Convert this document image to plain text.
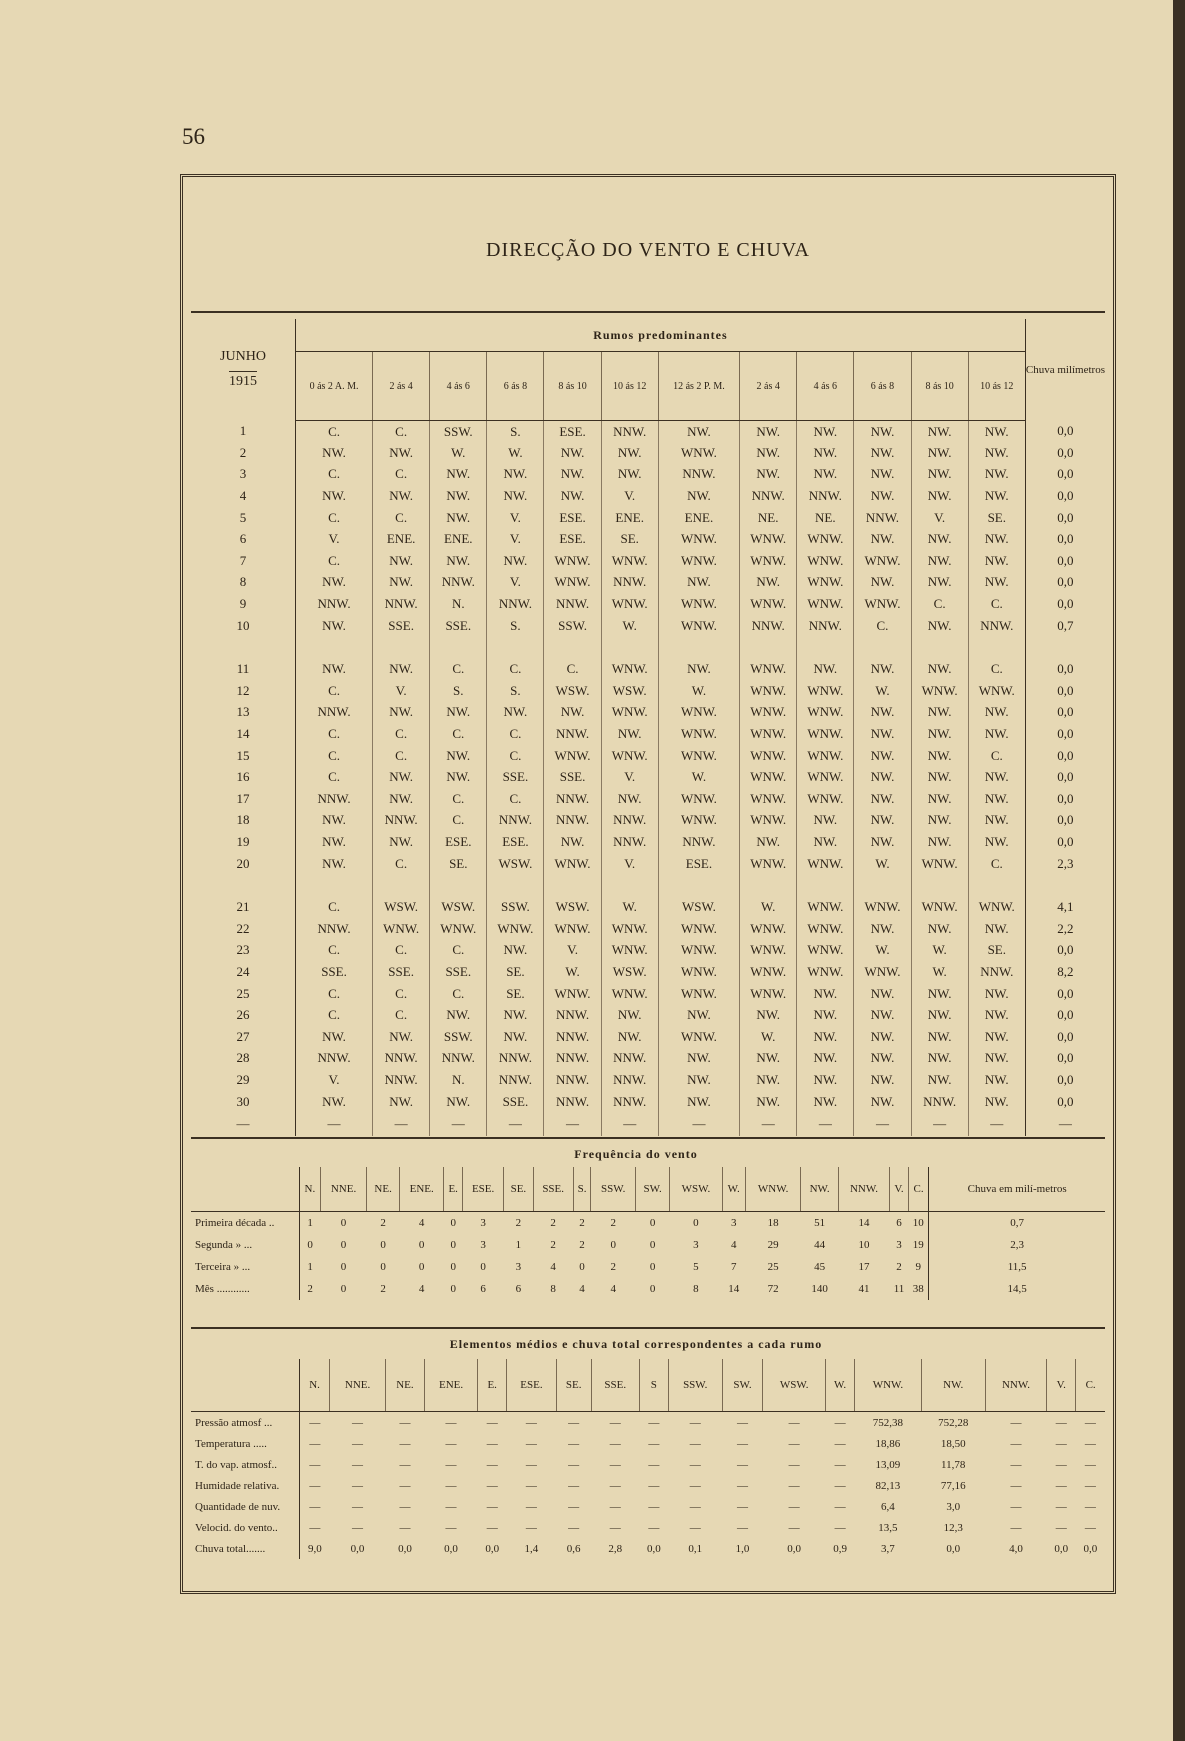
56
DIRECÇÃO DO VENTO E CHUVA
JUNHO
1915	Rumos predominantes												Chuva milímetros
	0 ás 2 A. M.	2 ás 4	4 ás 6	6 ás 8	8 ás 10	10 ás 12	12 ás 2 P. M.	2 ás 4	4 ás 6	6 ás 8	8 ás 10	10 ás 12	
1	C.	C.	SSW.	S.	ESE.	NNW.	NW.	NW.	NW.	NW.	NW.	NW.	0,0
2	NW.	NW.	W.	W.	NW.	NW.	WNW.	NW.	NW.	NW.	NW.	NW.	0,0
3	C.	C.	NW.	NW.	NW.	NW.	NNW.	NW.	NW.	NW.	NW.	NW.	0,0
4	NW.	NW.	NW.	NW.	NW.	V.	NW.	NNW.	NNW.	NW.	NW.	NW.	0,0
5	C.	C.	NW.	V.	ESE.	ENE.	ENE.	NE.	NE.	NNW.	V.	SE.	0,0
6	V.	ENE.	ENE.	V.	ESE.	SE.	WNW.	WNW.	WNW.	NW.	NW.	NW.	0,0
7	C.	NW.	NW.	NW.	WNW.	WNW.	WNW.	WNW.	WNW.	WNW.	NW.	NW.	0,0
8	NW.	NW.	NNW.	V.	WNW.	NNW.	NW.	NW.	WNW.	NW.	NW.	NW.	0,0
9	NNW.	NNW.	N.	NNW.	NNW.	WNW.	WNW.	WNW.	WNW.	WNW.	C.	C.	0,0
10	NW.	SSE.	SSE.	S.	SSW.	W.	WNW.	NNW.	NNW.	C.	NW.	NNW.	0,7

11	NW.	NW.	C.	C.	C.	WNW.	NW.	WNW.	NW.	NW.	NW.	C.	0,0
12	C.	V.	S.	S.	WSW.	WSW.	W.	WNW.	WNW.	W.	WNW.	WNW.	0,0
13	NNW.	NW.	NW.	NW.	NW.	WNW.	WNW.	WNW.	WNW.	NW.	NW.	NW.	0,0
14	C.	C.	C.	C.	NNW.	NW.	WNW.	WNW.	WNW.	NW.	NW.	NW.	0,0
15	C.	C.	NW.	C.	WNW.	WNW.	WNW.	WNW.	WNW.	NW.	NW.	C.	0,0
16	C.	NW.	NW.	SSE.	SSE.	V.	W.	WNW.	WNW.	NW.	NW.	NW.	0,0
17	NNW.	NW.	C.	C.	NNW.	NW.	WNW.	WNW.	WNW.	NW.	NW.	NW.	0,0
18	NW.	NNW.	C.	NNW.	NNW.	NNW.	WNW.	WNW.	NW.	NW.	NW.	NW.	0,0
19	NW.	NW.	ESE.	ESE.	NW.	NNW.	NNW.	NW.	NW.	NW.	NW.	NW.	0,0
20	NW.	C.	SE.	WSW.	WNW.	V.	ESE.	WNW.	WNW.	W.	WNW.	C.	2,3

21	C.	WSW.	WSW.	SSW.	WSW.	W.	WSW.	W.	WNW.	WNW.	WNW.	WNW.	4,1
22	NNW.	WNW.	WNW.	WNW.	WNW.	WNW.	WNW.	WNW.	WNW.	NW.	NW.	NW.	2,2
23	C.	C.	C.	NW.	V.	WNW.	WNW.	WNW.	WNW.	W.	W.	SE.	0,0
24	SSE.	SSE.	SSE.	SE.	W.	WSW.	WNW.	WNW.	WNW.	WNW.	W.	NNW.	8,2
25	C.	C.	C.	SE.	WNW.	WNW.	WNW.	WNW.	NW.	NW.	NW.	NW.	0,0
26	C.	C.	NW.	NW.	NNW.	NW.	NW.	NW.	NW.	NW.	NW.	NW.	0,0
27	NW.	NW.	SSW.	NW.	NNW.	NW.	WNW.	W.	NW.	NW.	NW.	NW.	0,0
28	NNW.	NNW.	NNW.	NNW.	NNW.	NNW.	NW.	NW.	NW.	NW.	NW.	NW.	0,0
29	V.	NNW.	N.	NNW.	NNW.	NNW.	NW.	NW.	NW.	NW.	NW.	NW.	0,0
30	NW.	NW.	NW.	SSE.	NNW.	NNW.	NW.	NW.	NW.	NW.	NNW.	NW.	0,0
—	—	—	—	—	—	—	—	—	—	—	—	—	—
Frequência do vento
	N.	NNE.	NE.	ENE.	E.	ESE.	SE.	SSE.	S.	SSW.	SW.	WSW.	W.	WNW.	NW.	NNW.	V.	C.	Chuva em milí-metros
Primeira década ..	1	0	2	4	0	3	2	2	2	2	0	0	3	18	51	14	6	10	0,7
Segunda » ...	0	0	0	0	0	3	1	2	2	0	0	3	4	29	44	10	3	19	2,3
Terceira » ...	1	0	0	0	0	0	3	4	0	2	0	5	7	25	45	17	2	9	11,5
Mês ............	2	0	2	4	0	6	6	8	4	4	0	8	14	72	140	41	11	38	14,5
Elementos médios e chuva total correspondentes a cada rumo
	N.	NNE.	NE.	ENE.	E.	ESE.	SE.	SSE.	S	SSW.	SW.	WSW.	W.	WNW.	NW.	NNW.	V.	C.
Pressão atmosf ...	—	—	—	—	—	—	—	—	—	—	—	—	—	752,38	752,28	—	—	—
Temperatura .....	—	—	—	—	—	—	—	—	—	—	—	—	—	18,86	18,50	—	—	—
T. do vap. atmosf..	—	—	—	—	—	—	—	—	—	—	—	—	—	13,09	11,78	—	—	—
Humidade relativa.	—	—	—	—	—	—	—	—	—	—	—	—	—	82,13	77,16	—	—	—
Quantidade de nuv.	—	—	—	—	—	—	—	—	—	—	—	—	—	6,4	3,0	—	—	—
Velocid. do vento..	—	—	—	—	—	—	—	—	—	—	—	—	—	13,5	12,3	—	—	—
Chuva total.......	9,0	0,0	0,0	0,0	0,0	1,4	0,6	2,8	0,0	0,1	1,0	0,0	0,9	3,7	0,0	4,0	0,0	0,0
